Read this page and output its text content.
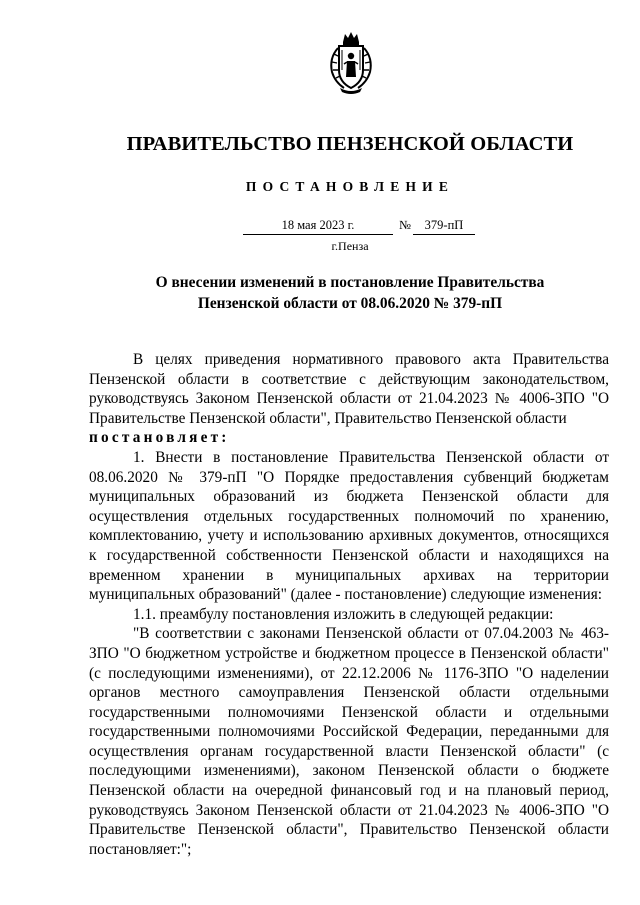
ПРАВИТЕЛЬСТВО ПЕНЗЕНСКОЙ ОБЛАСТИ
ПОСТАНОВЛЕНИЕ
18 мая 2023 г.	№	379-пП
г.Пенза
О внесении изменений в постановление Правительства
Пензенской области от 08.06.2020 № 379-пП

В целях приведения нормативного правового акта Правительства Пензенской области в соответствие с действующим законодательством, руководствуясь Законом Пензенской области от 21.04.2023 № 4006-ЗПО "О Правительстве Пензенской области", Правительство Пензенской области

постановляет:

1. Внести в постановление Правительства Пензенской области от 08.06.2020 № 379-пП "О Порядке предоставления субвенций бюджетам муниципальных образований из бюджета Пензенской области для осуществления отдельных государственных полномочий по хранению, комплектованию, учету и использованию архивных документов, относящихся к государственной собственности Пензенской области и находящихся на временном хранении в муниципальных архивах на территории муниципальных образований" (далее - постановление) следующие изменения:

1.1. преамбулу постановления изложить в следующей редакции:

"В соответствии с законами Пензенской области от 07.04.2003 № 463-ЗПО "О бюджетном устройстве и бюджетном процессе в Пензенской области" (с последующими изменениями), от 22.12.2006 № 1176-ЗПО "О наделении органов местного самоуправления Пензенской области отдельными государственными полномочиями Пензенской области и отдельными государственными полномочиями Российской Федерации, переданными для осуществления органам государственной власти Пензенской области" (с последующими изменениями), законом Пензенской области о бюджете Пензенской области на очередной финансовый год и на плановый период, руководствуясь Законом Пензенской области от 21.04.2023 № 4006-ЗПО "О Правительстве Пензенской области", Правительство Пензенской области постановляет:";
